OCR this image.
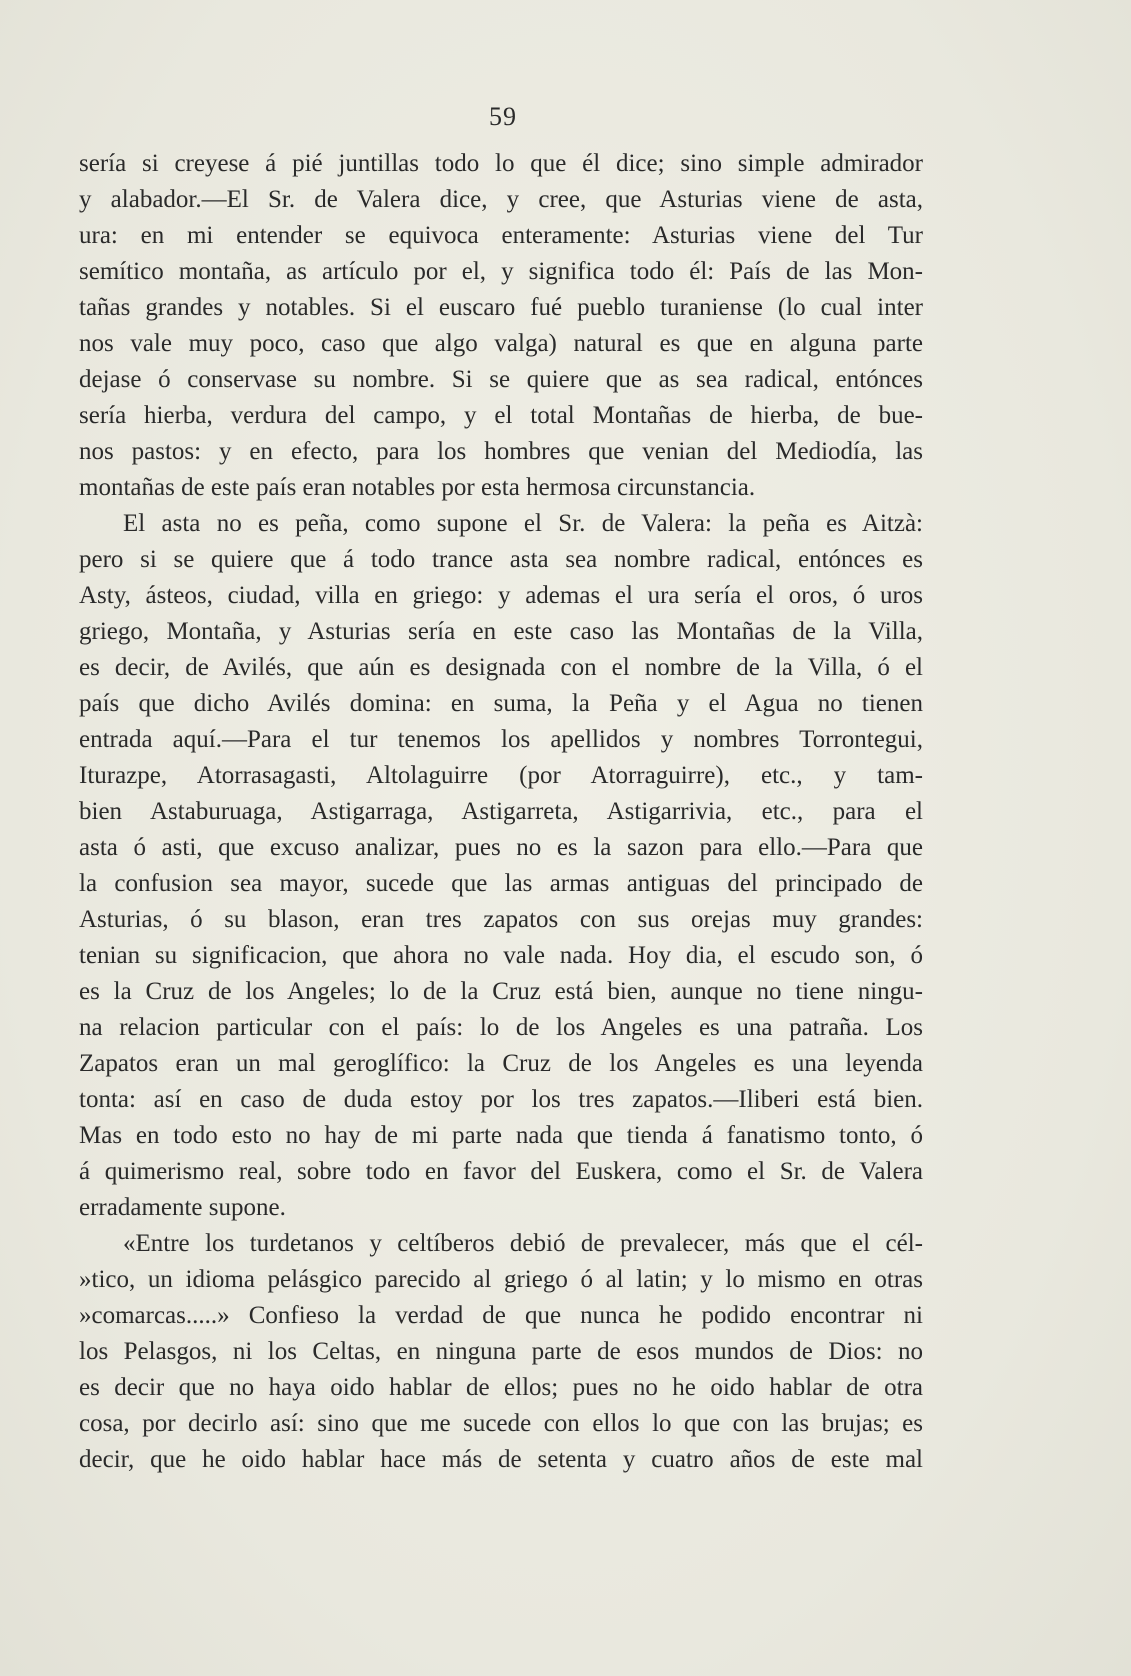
59
sería si creyese á pié juntillas todo lo que él dice; sino simple admirador
y alabador.—El Sr. de Valera dice, y cree, que Asturias viene de asta,
ura: en mi entender se equivoca enteramente: Asturias viene del Tur
semítico montaña, as artículo por el, y significa todo él: País de las Mon-
tañas grandes y notables. Si el euscaro fué pueblo turaniense (lo cual inter
nos vale muy poco, caso que algo valga) natural es que en alguna parte
dejase ó conservase su nombre. Si se quiere que as sea radical, entónces
sería hierba, verdura del campo, y el total Montañas de hierba, de bue-
nos pastos: y en efecto, para los hombres que venian del Mediodía, las
montañas de este país eran notables por esta hermosa circunstancia.
El asta no es peña, como supone el Sr. de Valera: la peña es Aitzà:
pero si se quiere que á todo trance asta sea nombre radical, entónces es
Asty, ásteos, ciudad, villa en griego: y ademas el ura sería el oros, ó uros
griego, Montaña, y Asturias sería en este caso las Montañas de la Villa,
es decir, de Avilés, que aún es designada con el nombre de la Villa, ó el
país que dicho Avilés domina: en suma, la Peña y el Agua no tienen
entrada aquí.—Para el tur tenemos los apellidos y nombres Torrontegui,
Iturazpe, Atorrasagasti, Altolaguirre (por Atorraguirre), etc., y tam-
bien Astaburuaga, Astigarraga, Astigarreta, Astigarrivia, etc., para el
asta ó asti, que excuso analizar, pues no es la sazon para ello.—Para que
la confusion sea mayor, sucede que las armas antiguas del principado de
Asturias, ó su blason, eran tres zapatos con sus orejas muy grandes:
tenian su significacion, que ahora no vale nada. Hoy dia, el escudo son, ó
es la Cruz de los Angeles; lo de la Cruz está bien, aunque no tiene ningu-
na relacion particular con el país: lo de los Angeles es una patraña. Los
Zapatos eran un mal geroglífico: la Cruz de los Angeles es una leyenda
tonta: así en caso de duda estoy por los tres zapatos.—Iliberi está bien.
Mas en todo esto no hay de mi parte nada que tienda á fanatismo tonto, ó
á quimerismo real, sobre todo en favor del Euskera, como el Sr. de Valera
erradamente supone.
«Entre los turdetanos y celtíberos debió de prevalecer, más que el cél-
»tico, un idioma pelásgico parecido al griego ó al latin; y lo mismo en otras
»comarcas.....» Confieso la verdad de que nunca he podido encontrar ni
los Pelasgos, ni los Celtas, en ninguna parte de esos mundos de Dios: no
es decir que no haya oido hablar de ellos; pues no he oido hablar de otra
cosa, por decirlo así: sino que me sucede con ellos lo que con las brujas; es
decir, que he oido hablar hace más de setenta y cuatro años de este mal
